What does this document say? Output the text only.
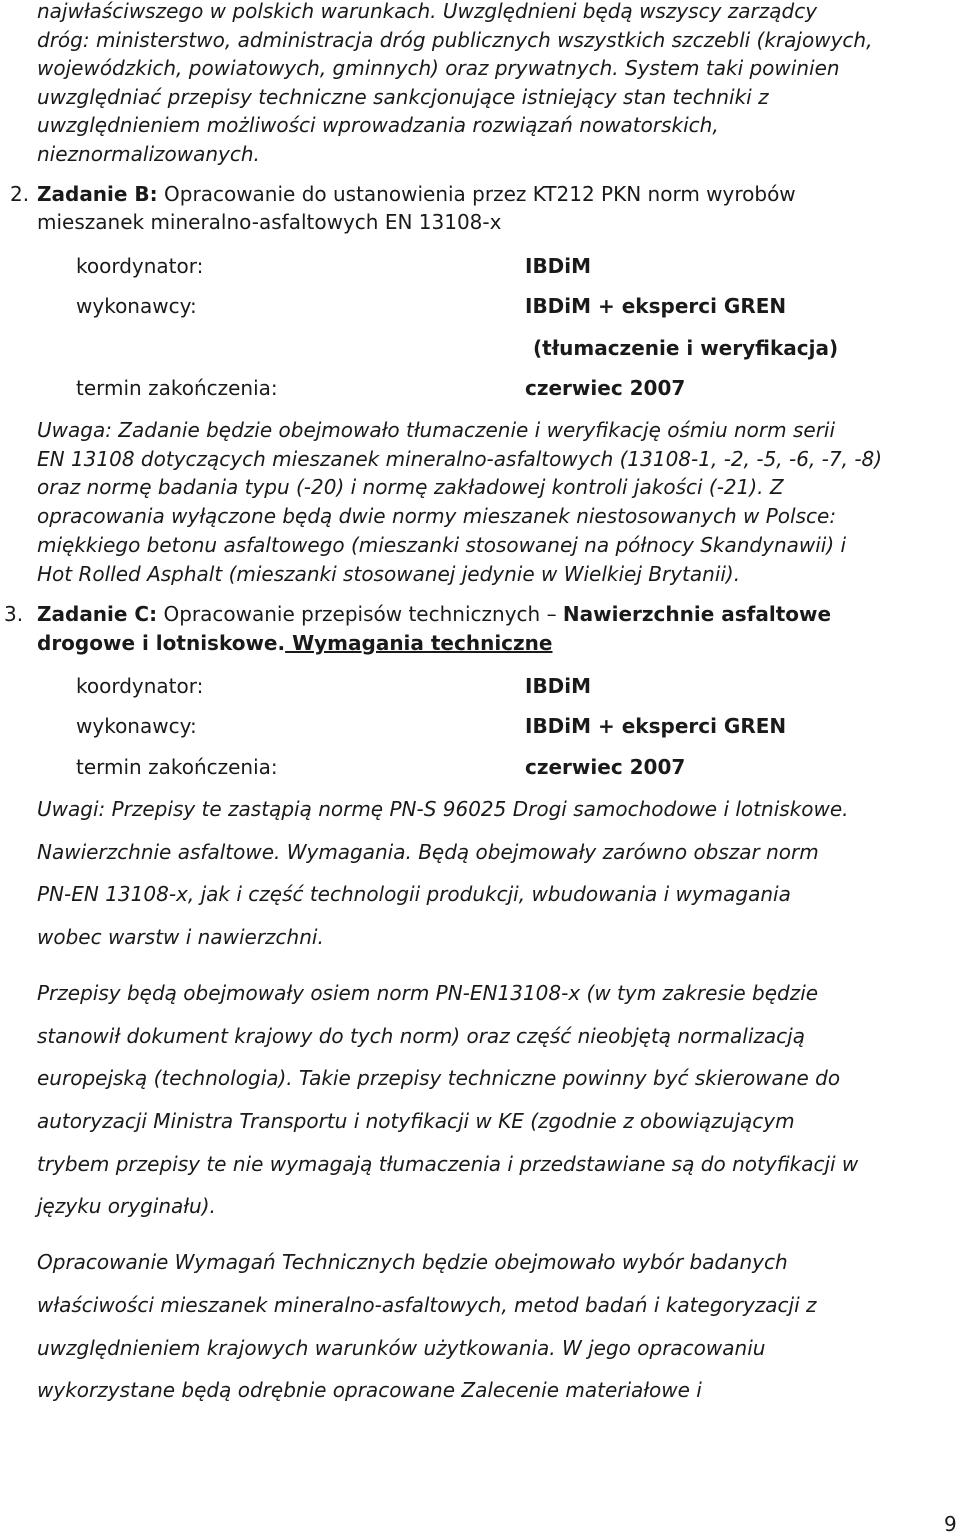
najwłaściwszego w polskich warunkach. Uwzględnieni będą wszyscy zarządcy
dróg: ministerstwo, administracja dróg publicznych wszystkich szczebli (krajowych,
wojewódzkich, powiatowych, gminnych) oraz prywatnych. System taki powinien
uwzględniać przepisy techniczne sankcjonujące istniejący stan techniki z
uwzględnieniem możliwości wprowadzania rozwiązań nowatorskich,
nieznormalizowanych.
2. Zadanie B: Opracowanie do ustanowienia przez KT212 PKN norm wyrobów
mieszanek mineralno-asfaltowych EN 13108-x
koordynator:	IBDiM
wykonawcy:	IBDiM + eksperci GREN
(tłumaczenie i weryfikacja)
termin zakończenia:	czerwiec 2007
Uwaga: Zadanie będzie obejmowało tłumaczenie i weryfikację ośmiu norm serii
EN 13108 dotyczących mieszanek mineralno-asfaltowych (13108-1, -2, -5, -6, -7, -8)
oraz normę badania typu (-20) i normę zakładowej kontroli jakości (-21). Z
opracowania wyłączone będą dwie normy mieszanek niestosowanych w Polsce:
miękkiego betonu asfaltowego (mieszanki stosowanej na północy Skandynawii) i
Hot Rolled Asphalt (mieszanki stosowanej jedynie w Wielkiej Brytanii).
3. Zadanie C: Opracowanie przepisów technicznych – Nawierzchnie asfaltowe
drogowe i lotniskowe. Wymagania techniczne
koordynator:	IBDiM
wykonawcy:	IBDiM + eksperci GREN
termin zakończenia:	czerwiec 2007
Uwagi: Przepisy te zastąpią normę PN-S 96025 Drogi samochodowe i lotniskowe.
Nawierzchnie asfaltowe. Wymagania. Będą obejmowały zarówno obszar norm
PN-EN 13108-x, jak i część technologii produkcji, wbudowania i wymagania
wobec warstw i nawierzchni.
Przepisy będą obejmowały osiem norm PN-EN13108-x (w tym zakresie będzie
stanowił dokument krajowy do tych norm) oraz część nieobjętą normalizacją
europejską (technologia). Takie przepisy techniczne powinny być skierowane do
autoryzacji Ministra Transportu i notyfikacji w KE (zgodnie z obowiązującym
trybem przepisy te nie wymagają tłumaczenia i przedstawiane są do notyfikacji w
języku oryginału).
Opracowanie Wymagań Technicznych będzie obejmowało wybór badanych
właściwości mieszanek mineralno-asfaltowych, metod badań i kategoryzacji z
uwzględnieniem krajowych warunków użytkowania. W jego opracowaniu
wykorzystane będą odrębnie opracowane Zalecenie materiałowe i
9
